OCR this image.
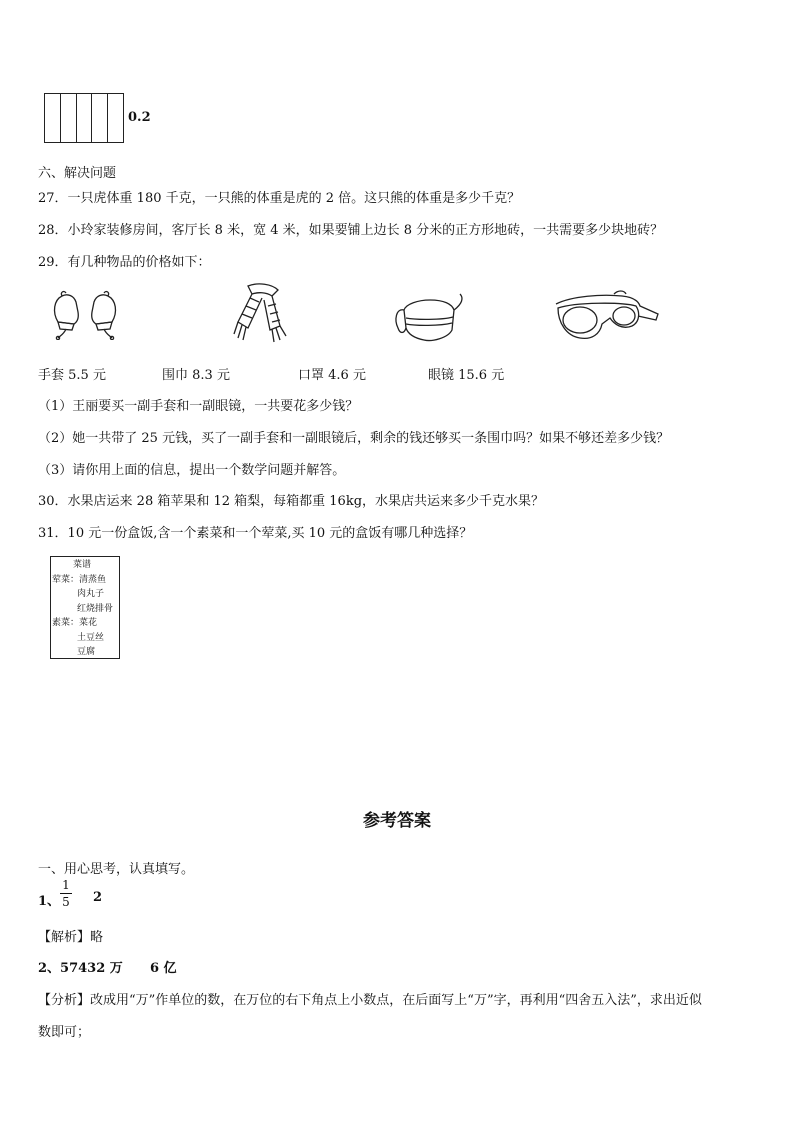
0.2
六、解决问题
27．一只虎体重 180 千克，一只熊的体重是虎的 2 倍。这只熊的体重是多少千克？
28．小玲家装修房间，客厅长 8 米，宽 4 米，如果要铺上边长 8 分米的正方形地砖，一共需要多少块地砖？
29．有几种物品的价格如下：
手套 5.5 元	围巾 8.3 元	口罩 4.6 元	眼镜 15.6 元
（1）王丽要买一副手套和一副眼镜，一共要花多少钱？
（2）她一共带了 25 元钱，买了一副手套和一副眼镜后，剩余的钱还够买一条围巾吗？如果不够还差多少钱？
（3）请你用上面的信息，提出一个数学问题并解答。
30．水果店运来 28 箱苹果和 12 箱梨，每箱都重 16kg，水果店共运来多少千克水果？
31．10 元一份盒饭,含一个素菜和一个荤菜,买 10 元的盒饭有哪几种选择？
菜谱
荤菜：清蒸鱼
肉丸子
红烧排骨
素菜：菜花
土豆丝
豆腐
参考答案
一、用心思考，认真填写。
1、
1
5 2
【解析】略
2、57432 万      6 亿
【分析】改成用“万”作单位的数，在万位的右下角点上小数点，在后面写上“万”字，再利用“四舍五入法”，求出近似
数即可；
